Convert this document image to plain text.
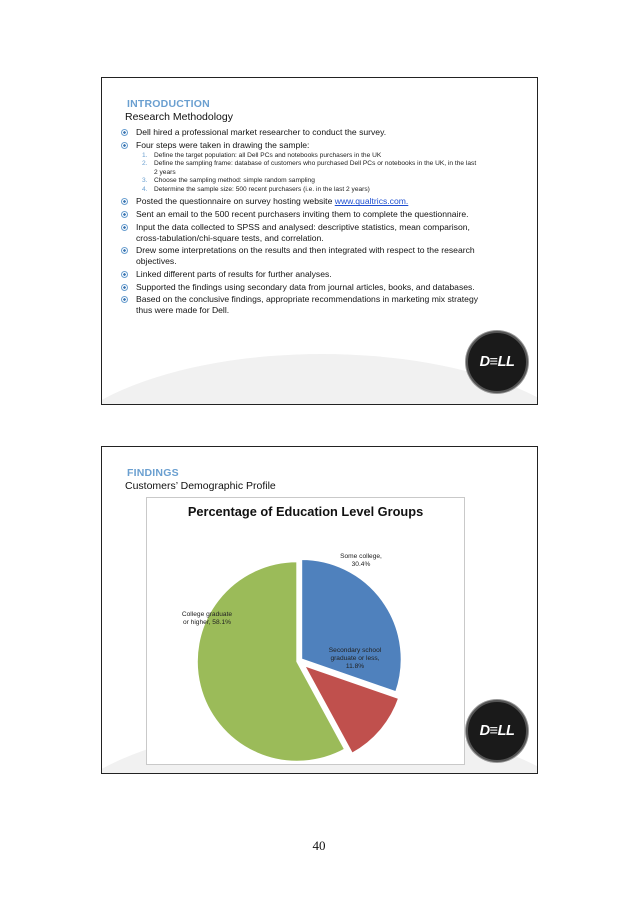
INTRODUCTION

Research Methodology

Dell hired a professional market researcher to conduct the survey.
Four steps were taken in drawing the sample:
1. Define the target population: all Dell PCs and notebooks purchasers in the UK
2. Define the sampling frame: database of customers who purchased Dell PCs or notebooks in the UK, in the last 2 years
3. Choose the sampling method: simple random sampling
4. Determine the sample size: 500 recent purchasers (i.e. in the last 2 years)
Posted the questionnaire on survey hosting website www.qualtrics.com.
Sent an email to the 500 recent purchasers inviting them to complete the questionnaire.
Input the data collected to SPSS and analysed: descriptive statistics, mean comparison, cross-tabulation/chi-square tests, and correlation.
Drew some interpretations on the results and then integrated with respect to the research objectives.
Linked different parts of results for further analyses.
Supported the findings using secondary data from journal articles, books, and databases.
Based on the conclusive findings, appropriate recommendations in marketing mix strategy thus were made for Dell.
D≡LL

FINDINGS

Customers’ Demographic Profile

Percentage of Education Level Groups

Some college, 30.4%
Secondary school graduate or less, 11.8%
College graduate or higher, 58.1%
D≡LL
40
